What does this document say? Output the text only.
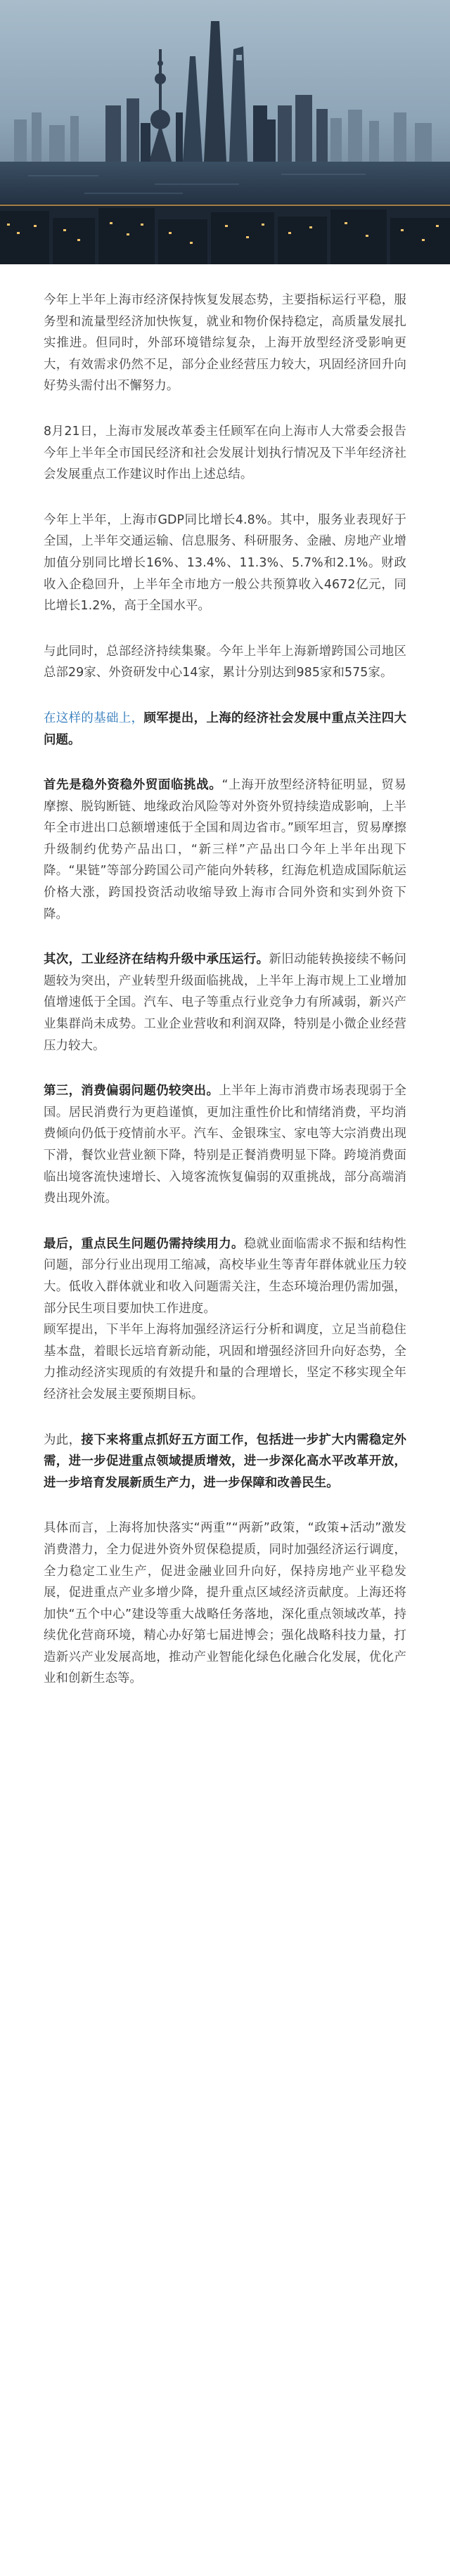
今年上半年上海市经济保持恢复发展态势，主要指标运行平稳，服务型和流量型经济加快恢复，就业和物价保持稳定，高质量发展扎实推进。但同时，外部环境错综复杂，上海开放型经济受影响更大，有效需求仍然不足，部分企业经营压力较大，巩固经济回升向好势头需付出不懈努力。

8月21日，上海市发展改革委主任顾军在向上海市人大常委会报告今年上半年全市国民经济和社会发展计划执行情况及下半年经济社会发展重点工作建议时作出上述总结。

今年上半年，上海市GDP同比增长4.8%。其中，服务业表现好于全国，上半年交通运输、信息服务、科研服务、金融、房地产业增加值分别同比增长16%、13.4%、11.3%、5.7%和2.1%。财政收入企稳回升，上半年全市地方一般公共预算收入4672亿元，同比增长1.2%，高于全国水平。

与此同时，总部经济持续集聚。今年上半年上海新增跨国公司地区总部29家、外资研发中心14家，累计分别达到985家和575家。

在这样的基础上，顾军提出，上海的经济社会发展中重点关注四大问题。

首先是稳外资稳外贸面临挑战。“上海开放型经济特征明显，贸易摩擦、脱钩断链、地缘政治风险等对外资外贸持续造成影响，上半年全市进出口总额增速低于全国和周边省市。”顾军坦言，贸易摩擦升级制约优势产品出口，“新三样”产品出口今年上半年出现下降。“果链”等部分跨国公司产能向外转移，红海危机造成国际航运价格大涨，跨国投资活动收缩导致上海市合同外资和实到外资下降。

其次，工业经济在结构升级中承压运行。新旧动能转换接续不畅问题较为突出，产业转型升级面临挑战，上半年上海市规上工业增加值增速低于全国。汽车、电子等重点行业竞争力有所减弱，新兴产业集群尚未成势。工业企业营收和利润双降，特别是小微企业经营压力较大。

第三，消费偏弱问题仍较突出。上半年上海市消费市场表现弱于全国。居民消费行为更趋谨慎，更加注重性价比和情绪消费，平均消费倾向仍低于疫情前水平。汽车、金银珠宝、家电等大宗消费出现下滑，餐饮业营业额下降，特别是正餐消费明显下降。跨境消费面临出境客流快速增长、入境客流恢复偏弱的双重挑战，部分高端消费出现外流。

最后，重点民生问题仍需持续用力。稳就业面临需求不振和结构性问题，部分行业出现用工缩减，高校毕业生等青年群体就业压力较大。低收入群体就业和收入问题需关注，生态环境治理仍需加强，部分民生项目要加快工作进度。
顾军提出，下半年上海将加强经济运行分析和调度，立足当前稳住基本盘，着眼长远培育新动能，巩固和增强经济回升向好态势，全力推动经济实现质的有效提升和量的合理增长，坚定不移实现全年经济社会发展主要预期目标。

为此，接下来将重点抓好五方面工作，包括进一步扩大内需稳定外需，进一步促进重点领域提质增效，进一步深化高水平改革开放，进一步培育发展新质生产力，进一步保障和改善民生。

具体而言，上海将加快落实“两重”“两新”政策，“政策+活动”激发消费潜力，全力促进外资外贸保稳提质，同时加强经济运行调度，全力稳定工业生产，促进金融业回升向好，保持房地产业平稳发展，促进重点产业多增少降，提升重点区域经济贡献度。上海还将加快“五个中心”建设等重大战略任务落地，深化重点领域改革，持续优化营商环境，精心办好第七届进博会；强化战略科技力量，打造新兴产业发展高地，推动产业智能化绿色化融合化发展，优化产业和创新生态等。
